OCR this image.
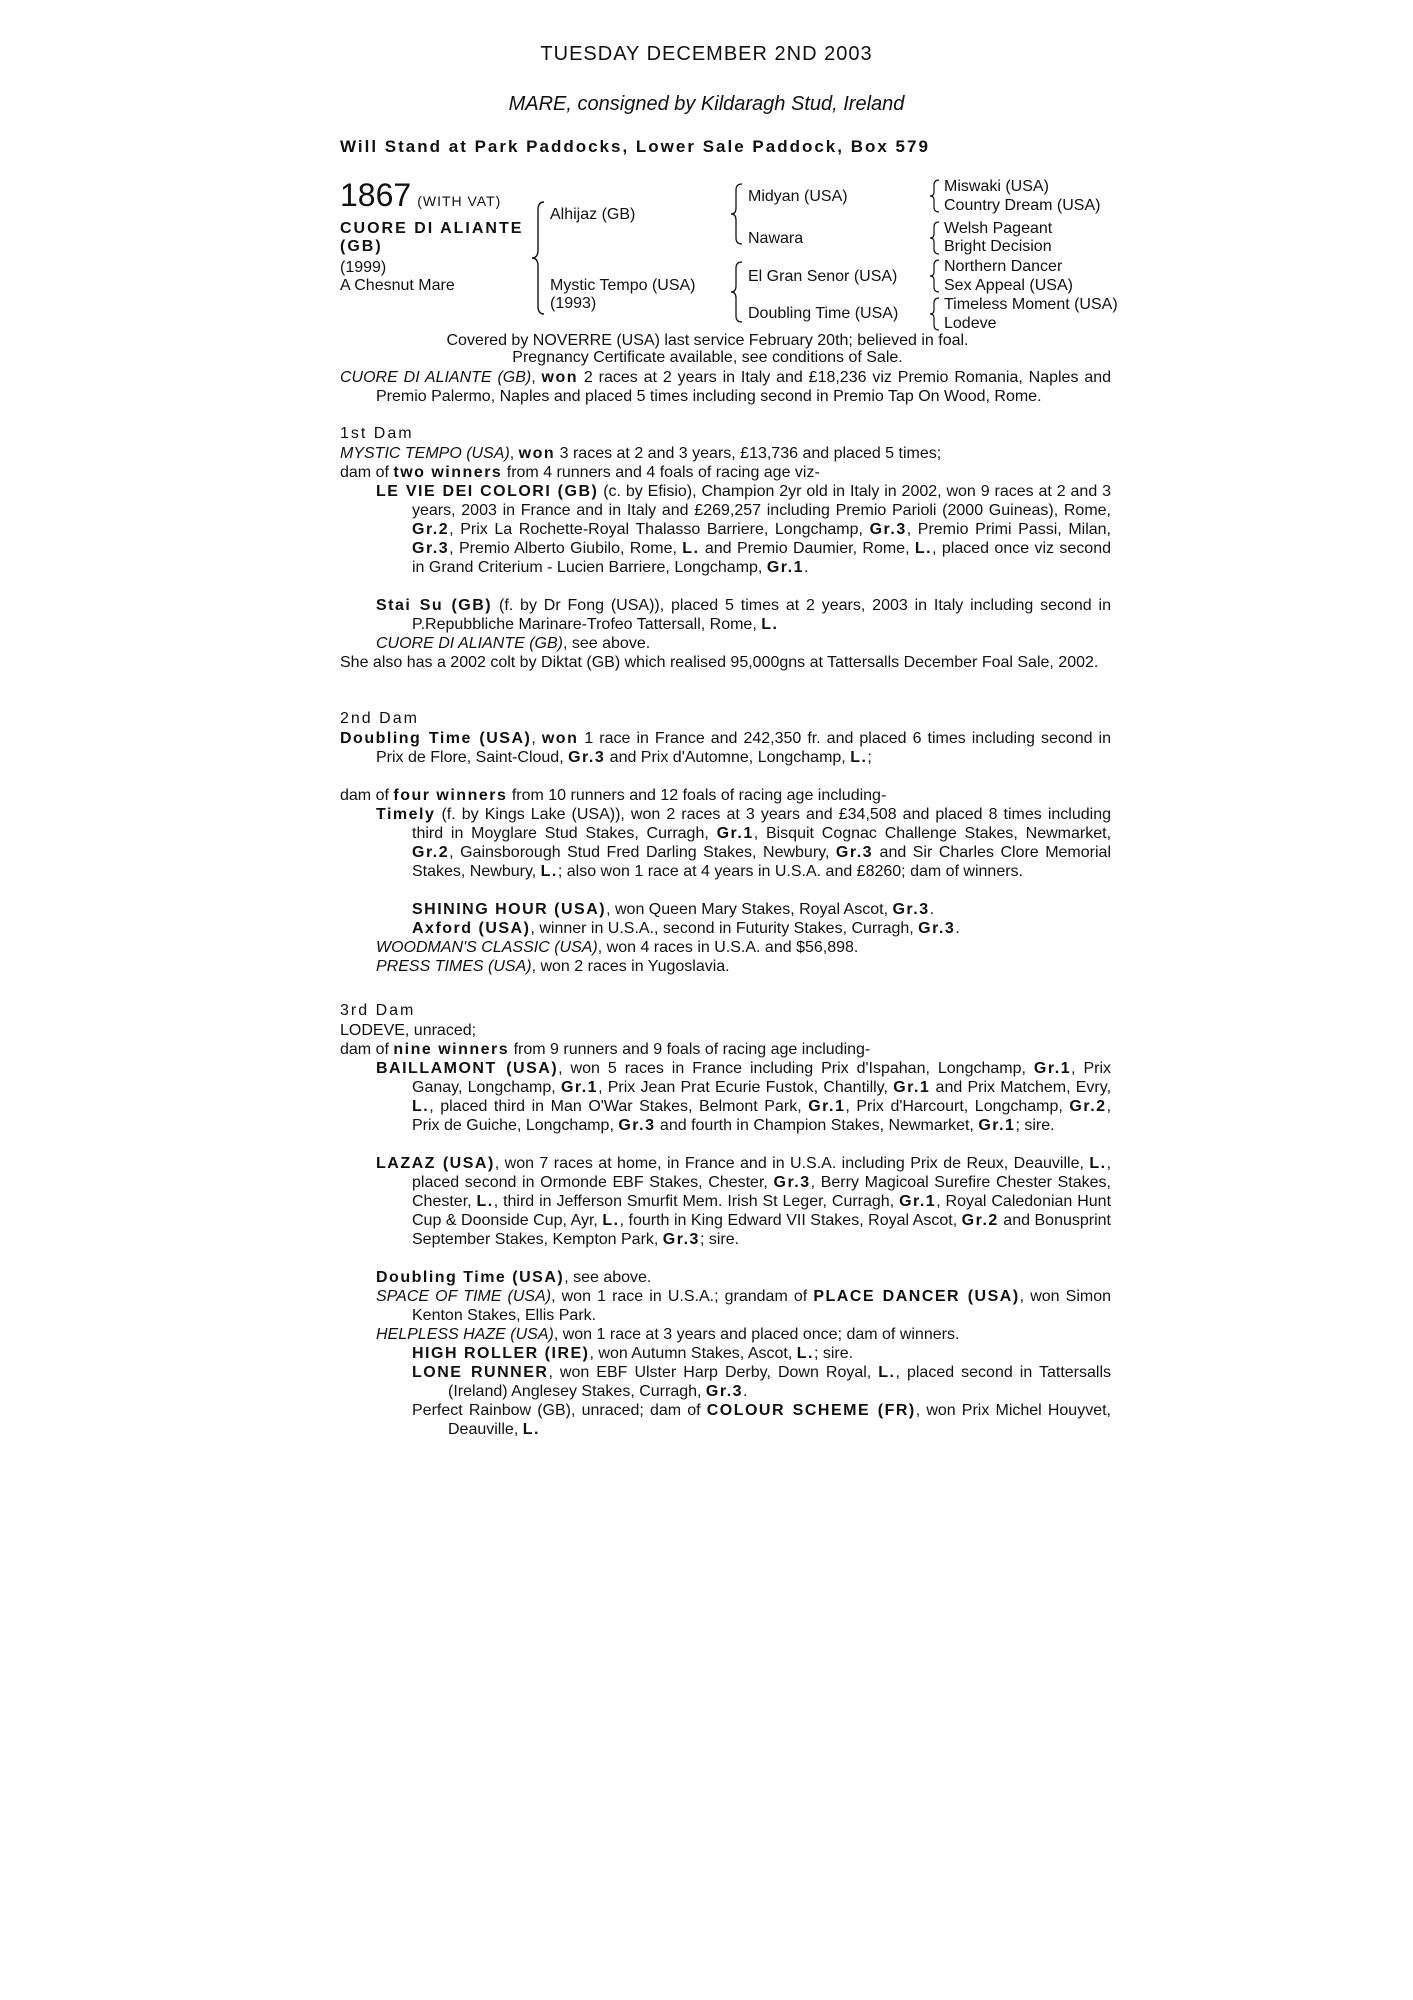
TUESDAY DECEMBER 2ND 2003
MARE, consigned by Kildaragh Stud, Ireland
Will Stand at Park Paddocks, Lower Sale Paddock, Box 579
1867 (WITH VAT)
CUORE DI ALIANTE (GB)
(1999)
A Chesnut Mare
Alhijaz (GB)
Mystic Tempo (USA)
(1993)
Midyan (USA)
Nawara
El Gran Senor (USA)
Doubling Time (USA)
Miswaki (USA)
Country Dream (USA)
Welsh Pageant
Bright Decision
Northern Dancer
Sex Appeal (USA)
Timeless Moment (USA)
Lodeve
Covered by NOVERRE (USA) last service February 20th; believed in foal.
Pregnancy Certificate available, see conditions of Sale.
CUORE DI ALIANTE (GB), won 2 races at 2 years in Italy and £18,236 viz Premio Romania, Naples and Premio Palermo, Naples and placed 5 times including second in Premio Tap On Wood, Rome.
1st Dam
MYSTIC TEMPO (USA), won 3 races at 2 and 3 years, £13,736 and placed 5 times;
dam of two winners from 4 runners and 4 foals of racing age viz-
LE VIE DEI COLORI (GB) (c. by Efisio), Champion 2yr old in Italy in 2002, won 9 races at 2 and 3 years, 2003 in France and in Italy and £269,257 including Premio Parioli (2000 Guineas), Rome, Gr.2, Prix La Rochette-Royal Thalasso Barriere, Longchamp, Gr.3, Premio Primi Passi, Milan, Gr.3, Premio Alberto Giubilo, Rome, L. and Premio Daumier, Rome, L., placed once viz second in Grand Criterium - Lucien Barriere, Longchamp, Gr.1.
Stai Su (GB) (f. by Dr Fong (USA)), placed 5 times at 2 years, 2003 in Italy including second in P.Repubbliche Marinare-Trofeo Tattersall, Rome, L.
CUORE DI ALIANTE (GB), see above.
She also has a 2002 colt by Diktat (GB) which realised 95,000gns at Tattersalls December Foal Sale, 2002.
2nd Dam
Doubling Time (USA), won 1 race in France and 242,350 fr. and placed 6 times including second in Prix de Flore, Saint-Cloud, Gr.3 and Prix d'Automne, Longchamp, L.;
dam of four winners from 10 runners and 12 foals of racing age including-
Timely (f. by Kings Lake (USA)), won 2 races at 3 years and £34,508 and placed 8 times including third in Moyglare Stud Stakes, Curragh, Gr.1, Bisquit Cognac Challenge Stakes, Newmarket, Gr.2, Gainsborough Stud Fred Darling Stakes, Newbury, Gr.3 and Sir Charles Clore Memorial Stakes, Newbury, L.; also won 1 race at 4 years in U.S.A. and £8260; dam of winners.
SHINING HOUR (USA), won Queen Mary Stakes, Royal Ascot, Gr.3.
Axford (USA), winner in U.S.A., second in Futurity Stakes, Curragh, Gr.3.
WOODMAN'S CLASSIC (USA), won 4 races in U.S.A. and $56,898.
PRESS TIMES (USA), won 2 races in Yugoslavia.
3rd Dam
LODEVE, unraced;
dam of nine winners from 9 runners and 9 foals of racing age including-
BAILLAMONT (USA), won 5 races in France including Prix d'Ispahan, Longchamp, Gr.1, Prix Ganay, Longchamp, Gr.1, Prix Jean Prat Ecurie Fustok, Chantilly, Gr.1 and Prix Matchem, Evry, L., placed third in Man O'War Stakes, Belmont Park, Gr.1, Prix d'Harcourt, Longchamp, Gr.2, Prix de Guiche, Longchamp, Gr.3 and fourth in Champion Stakes, Newmarket, Gr.1; sire.
LAZAZ (USA), won 7 races at home, in France and in U.S.A. including Prix de Reux, Deauville, L., placed second in Ormonde EBF Stakes, Chester, Gr.3, Berry Magicoal Surefire Chester Stakes, Chester, L., third in Jefferson Smurfit Mem. Irish St Leger, Curragh, Gr.1, Royal Caledonian Hunt Cup & Doonside Cup, Ayr, L., fourth in King Edward VII Stakes, Royal Ascot, Gr.2 and Bonusprint September Stakes, Kempton Park, Gr.3; sire.
Doubling Time (USA), see above.
SPACE OF TIME (USA), won 1 race in U.S.A.; grandam of PLACE DANCER (USA), won Simon Kenton Stakes, Ellis Park.
HELPLESS HAZE (USA), won 1 race at 3 years and placed once; dam of winners.
HIGH ROLLER (IRE), won Autumn Stakes, Ascot, L.; sire.
LONE RUNNER, won EBF Ulster Harp Derby, Down Royal, L., placed second in Tattersalls (Ireland) Anglesey Stakes, Curragh, Gr.3.
Perfect Rainbow (GB), unraced; dam of COLOUR SCHEME (FR), won Prix Michel Houyvet, Deauville, L.
